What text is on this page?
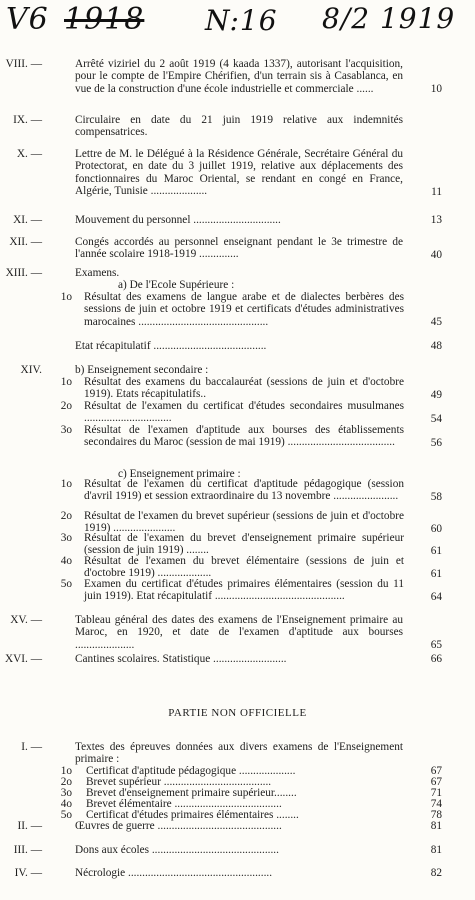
V6 1918 N:16 8/2 1919
VIII. —	Arrêté viziriel du 2 août 1919 (4 kaada 1337), autorisant l'acquisition, pour le compte de l'Empire Chérifien, d'un terrain sis à Casablanca, en vue de la construction d'une école industrielle et commerciale ......	10
IX. —	Circulaire en date du 21 juin 1919 relative aux indemnités compensatrices.
X. —	Lettre de M. le Délégué à la Résidence Générale, Secrétaire Général du Protectorat, en date du 3 juillet 1919, relative aux déplacements des fonctionnaires du Maroc Oriental, se rendant en congé en France, Algérie, Tunisie ....................	11
XI. —	Mouvement du personnel ...............................	13
XII. —	Congés accordés au personnel enseignant pendant le 3e trimestre de l'année scolaire 1918-1919 ..............	40
XIII. —	Examens.
a) De l'Ecole Supérieure :
1o Résultat des examens de langue arabe et de dialectes berbères des sessions de juin et octobre 1919 et certificats d'études administratives marocaines ..............................................	45
Etat récapitulatif ........................................	48
XIV.	b) Enseignement secondaire :
1o Résultat des examens du baccalauréat (sessions de juin et d'octobre 1919). Etats récapitulatifs..	49
2o Résultat de l'examen du certificat d'études secondaires musulmanes ...............................	54
3o Résultat de l'examen d'aptitude aux bourses des établissements secondaires du Maroc (session de mai 1919) ......................................	56
c) Enseignement primaire :
1o Résultat de l'examen du certificat d'aptitude pédagogique (session d'avril 1919) et session extraordinaire du 13 novembre .......................	58
2o Résultat de l'examen du brevet supérieur (sessions de juin et d'octobre 1919) ......................	60
3o Résultat de l'examen du brevet d'enseignement primaire supérieur (session de juin 1919) ........	61
4o Résultat de l'examen du brevet élémentaire (sessions de juin et d'octobre 1919) ...................	61
5o Examen du certificat d'études primaires élémentaires (session du 11 juin 1919). Etat récapitulatif ..............................................	64
XV. —	Tableau général des dates des examens de l'Enseignement primaire au Maroc, en 1920, et date de l'examen d'aptitude aux bourses .....................	65
XVI. —	Cantines scolaires. Statistique ..........................	66
PARTIE NON OFFICIELLE
I. —	Textes des épreuves données aux divers examens de l'Enseignement primaire :
1o Certificat d'aptitude pédagogique ....................	67
2o Brevet supérieur ......................................	67
3o Brevet d'enseignement primaire supérieur........	71
4o Brevet élémentaire ......................................	74
5o Certificat d'études primaires élémentaires ........	78
II. —	Œuvres de guerre ............................................	81
III. —	Dons aux écoles .............................................	81
IV. —	Nécrologie ...................................................	82
